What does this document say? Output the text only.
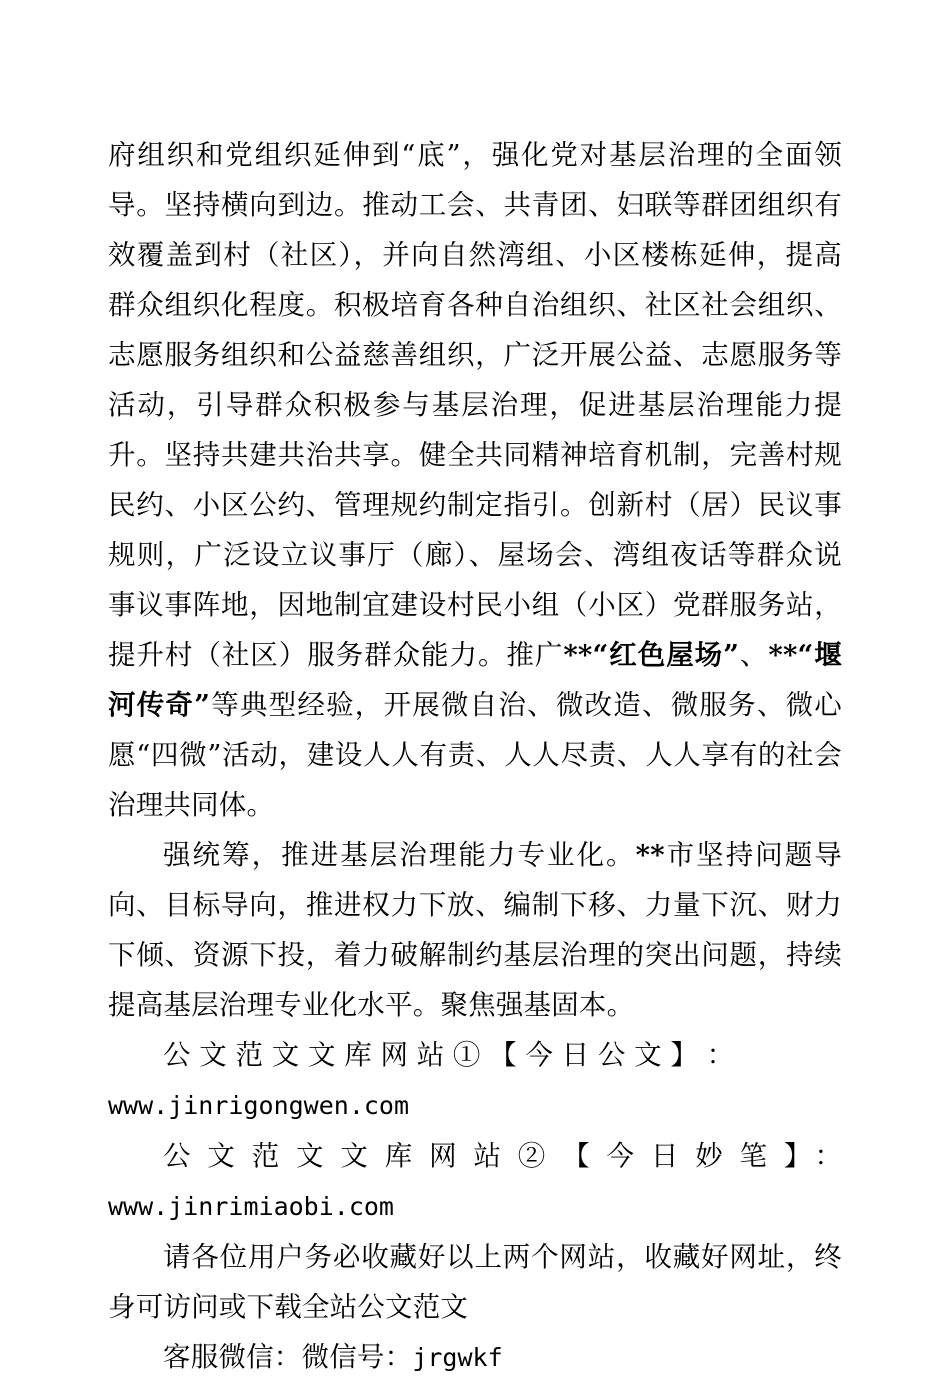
府组织和党组织延伸到“底”，强化党对基层治理的全面领导。坚持横向到边。推动工会、共青团、妇联等群团组织有效覆盖到村（社区），并向自然湾组、小区楼栋延伸，提高群众组织化程度。积极培育各种自治组织、社区社会组织、志愿服务组织和公益慈善组织，广泛开展公益、志愿服务等活动，引导群众积极参与基层治理，促进基层治理能力提升。坚持共建共治共享。健全共同精神培育机制，完善村规民约、小区公约、管理规约制定指引。创新村（居）民议事规则，广泛设立议事厅（廊）、屋场会、湾组夜话等群众说事议事阵地，因地制宜建设村民小组（小区）党群服务站，提升村（社区）服务群众能力。推广**“红色屋场”、**“堰河传奇”等典型经验，开展微自治、微改造、微服务、微心愿“四微”活动，建设人人有责、人人尽责、人人享有的社会治理共同体。

强统筹，推进基层治理能力专业化。**市坚持问题导向、目标导向，推进权力下放、编制下移、力量下沉、财力下倾、资源下投，着力破解制约基层治理的突出问题，持续提高基层治理专业化水平。聚焦强基固本。

公 文 范 文 文 库 网 站 ① 【 今 日 公 文 】 ：

www.jinrigongwen.com

公文范文文库网站②【今日妙笔】：www.jinrimiaobi.com

请各位用户务必收藏好以上两个网站，收藏好网址，终身可访问或下载全站公文范文

客服微信：微信号：jrgwkf
